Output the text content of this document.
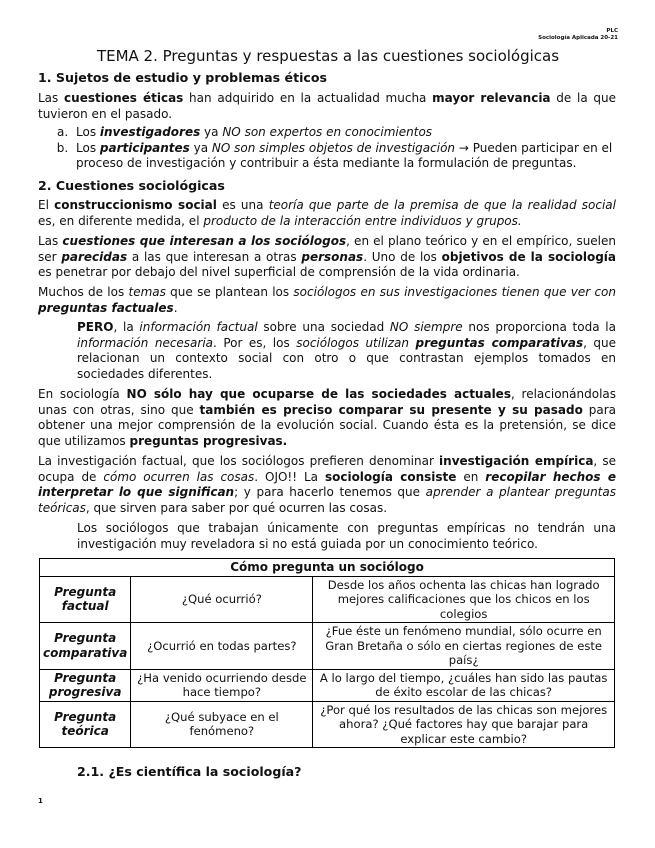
PLC
Sociología Aplicada 20-21
TEMA 2. Preguntas y respuestas a las cuestiones sociológicas
1. Sujetos de estudio y problemas éticos
Las cuestiones éticas han adquirido en la actualidad mucha mayor relevancia de la que tuvieron en el pasado.
a. Los investigadores ya NO son expertos en conocimientos
b. Los participantes ya NO son simples objetos de investigación → Pueden participar en el proceso de investigación y contribuir a ésta mediante la formulación de preguntas.
2. Cuestiones sociológicas
El construccionismo social es una teoría que parte de la premisa de que la realidad social es, en diferente medida, el producto de la interacción entre individuos y grupos.
Las cuestiones que interesan a los sociólogos, en el plano teórico y en el empírico, suelen ser parecidas a las que interesan a otras personas. Uno de los objetivos de la sociología es penetrar por debajo del nivel superficial de comprensión de la vida ordinaria.
Muchos de los temas que se plantean los sociólogos en sus investigaciones tienen que ver con preguntas factuales.
PERO, la información factual sobre una sociedad NO siempre nos proporciona toda la información necesaria. Por es, los sociólogos utilizan preguntas comparativas, que relacionan un contexto social con otro o que contrastan ejemplos tomados en sociedades diferentes.
En sociología NO sólo hay que ocuparse de las sociedades actuales, relacionándolas unas con otras, sino que también es preciso comparar su presente y su pasado para obtener una mejor comprensión de la evolución social. Cuando ésta es la pretensión, se dice que utilizamos preguntas progresivas.
La investigación factual, que los sociólogos prefieren denominar investigación empírica, se ocupa de cómo ocurren las cosas. OJO!! La sociología consiste en recopilar hechos e interpretar lo que significan; y para hacerlo tenemos que aprender a plantear preguntas teóricas, que sirven para saber por qué ocurren las cosas.
Los sociólogos que trabajan únicamente con preguntas empíricas no tendrán una investigación muy reveladora si no está guiada por un conocimiento teórico.
Cómo pregunta un sociólogo		
Pregunta factual	¿Qué ocurrió?	Desde los años ochenta las chicas han logrado mejores calificaciones que los chicos en los colegios
Pregunta comparativa	¿Ocurrió en todas partes?	¿Fue éste un fenómeno mundial, sólo ocurre en Gran Bretaña o sólo en ciertas regiones de este país¿
Pregunta progresiva	¿Ha venido ocurriendo desde hace tiempo?	A lo largo del tiempo, ¿cuáles han sido las pautas de éxito escolar de las chicas?
Pregunta teórica	¿Qué subyace en el fenómeno?	¿Por qué los resultados de las chicas son mejores ahora? ¿Qué factores hay que barajar para explicar este cambio?
2.1. ¿Es científica la sociología?
1
